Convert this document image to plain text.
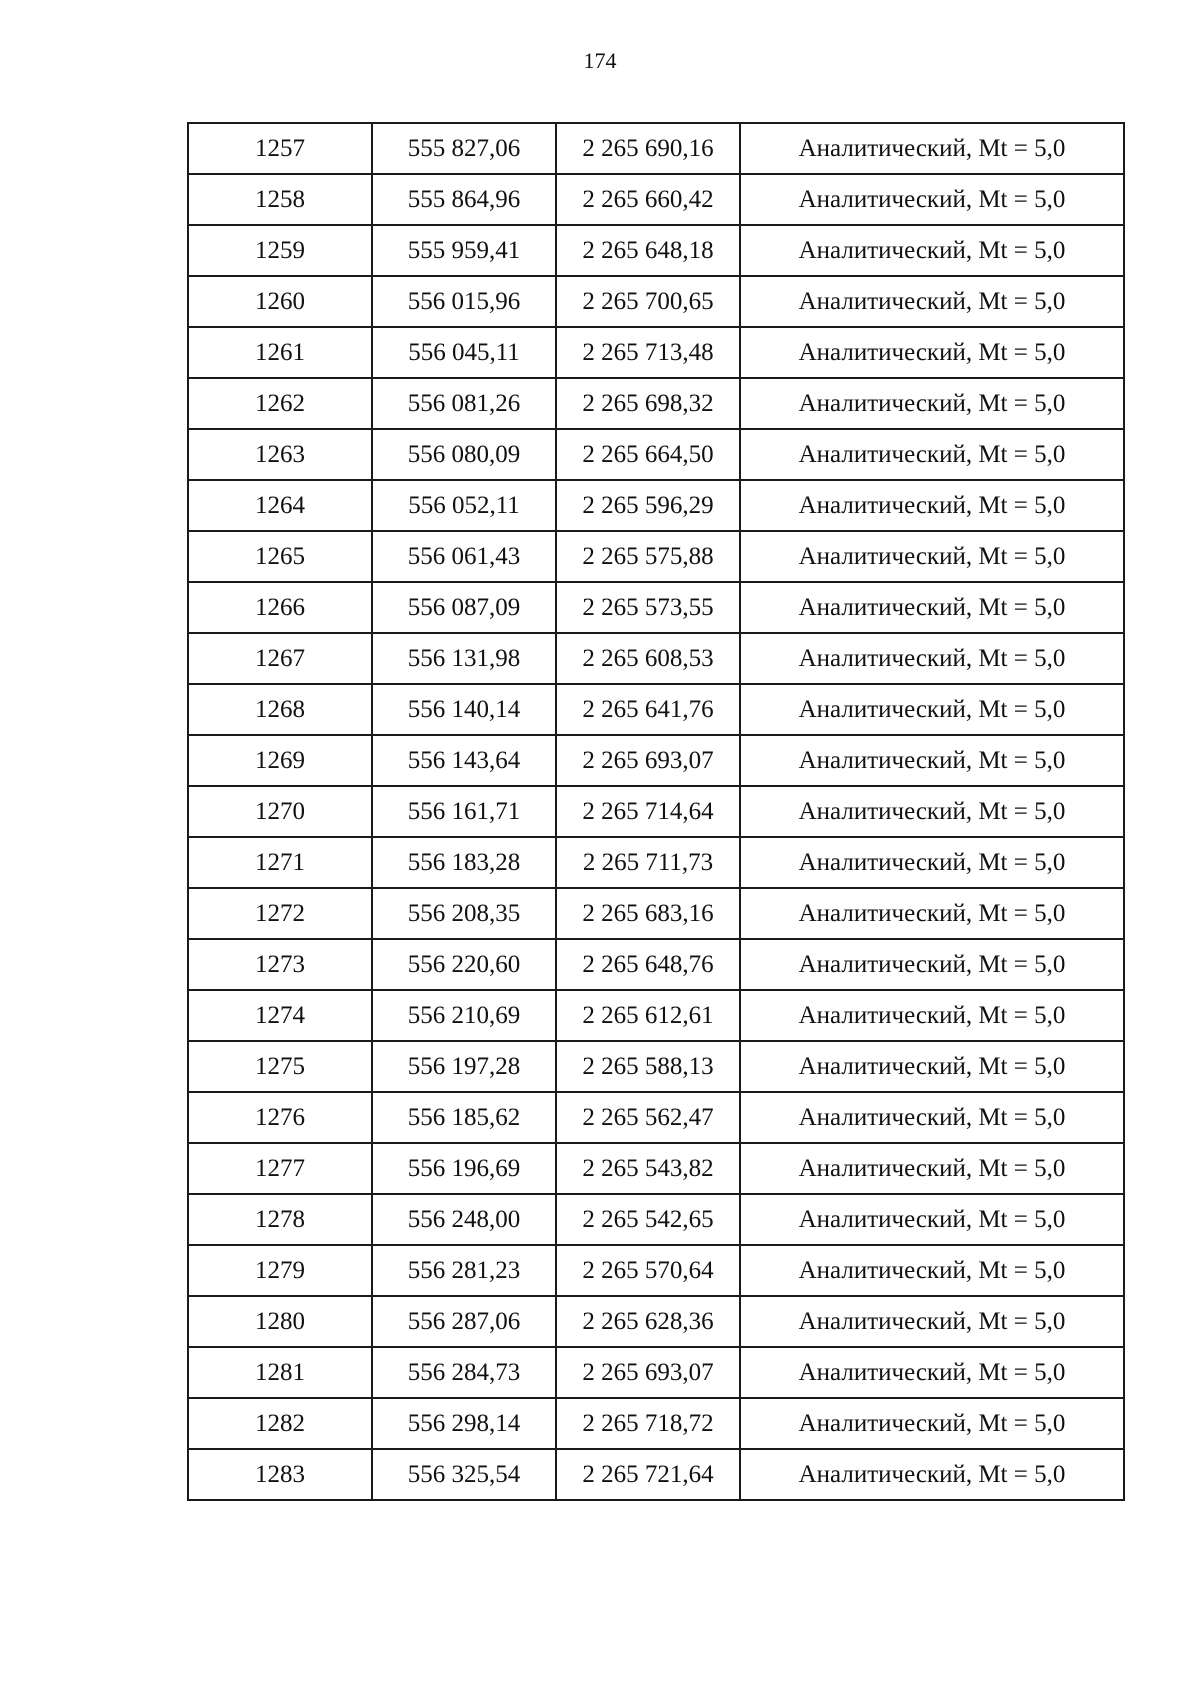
174
1257	555 827,06	2 265 690,16	Аналитический, Mt = 5,0
1258	555 864,96	2 265 660,42	Аналитический, Mt = 5,0
1259	555 959,41	2 265 648,18	Аналитический, Mt = 5,0
1260	556 015,96	2 265 700,65	Аналитический, Mt = 5,0
1261	556 045,11	2 265 713,48	Аналитический, Mt = 5,0
1262	556 081,26	2 265 698,32	Аналитический, Mt = 5,0
1263	556 080,09	2 265 664,50	Аналитический, Mt = 5,0
1264	556 052,11	2 265 596,29	Аналитический, Mt = 5,0
1265	556 061,43	2 265 575,88	Аналитический, Mt = 5,0
1266	556 087,09	2 265 573,55	Аналитический, Mt = 5,0
1267	556 131,98	2 265 608,53	Аналитический, Mt = 5,0
1268	556 140,14	2 265 641,76	Аналитический, Mt = 5,0
1269	556 143,64	2 265 693,07	Аналитический, Mt = 5,0
1270	556 161,71	2 265 714,64	Аналитический, Mt = 5,0
1271	556 183,28	2 265 711,73	Аналитический, Mt = 5,0
1272	556 208,35	2 265 683,16	Аналитический, Mt = 5,0
1273	556 220,60	2 265 648,76	Аналитический, Mt = 5,0
1274	556 210,69	2 265 612,61	Аналитический, Mt = 5,0
1275	556 197,28	2 265 588,13	Аналитический, Mt = 5,0
1276	556 185,62	2 265 562,47	Аналитический, Mt = 5,0
1277	556 196,69	2 265 543,82	Аналитический, Mt = 5,0
1278	556 248,00	2 265 542,65	Аналитический, Mt = 5,0
1279	556 281,23	2 265 570,64	Аналитический, Mt = 5,0
1280	556 287,06	2 265 628,36	Аналитический, Mt = 5,0
1281	556 284,73	2 265 693,07	Аналитический, Mt = 5,0
1282	556 298,14	2 265 718,72	Аналитический, Mt = 5,0
1283	556 325,54	2 265 721,64	Аналитический, Mt = 5,0
